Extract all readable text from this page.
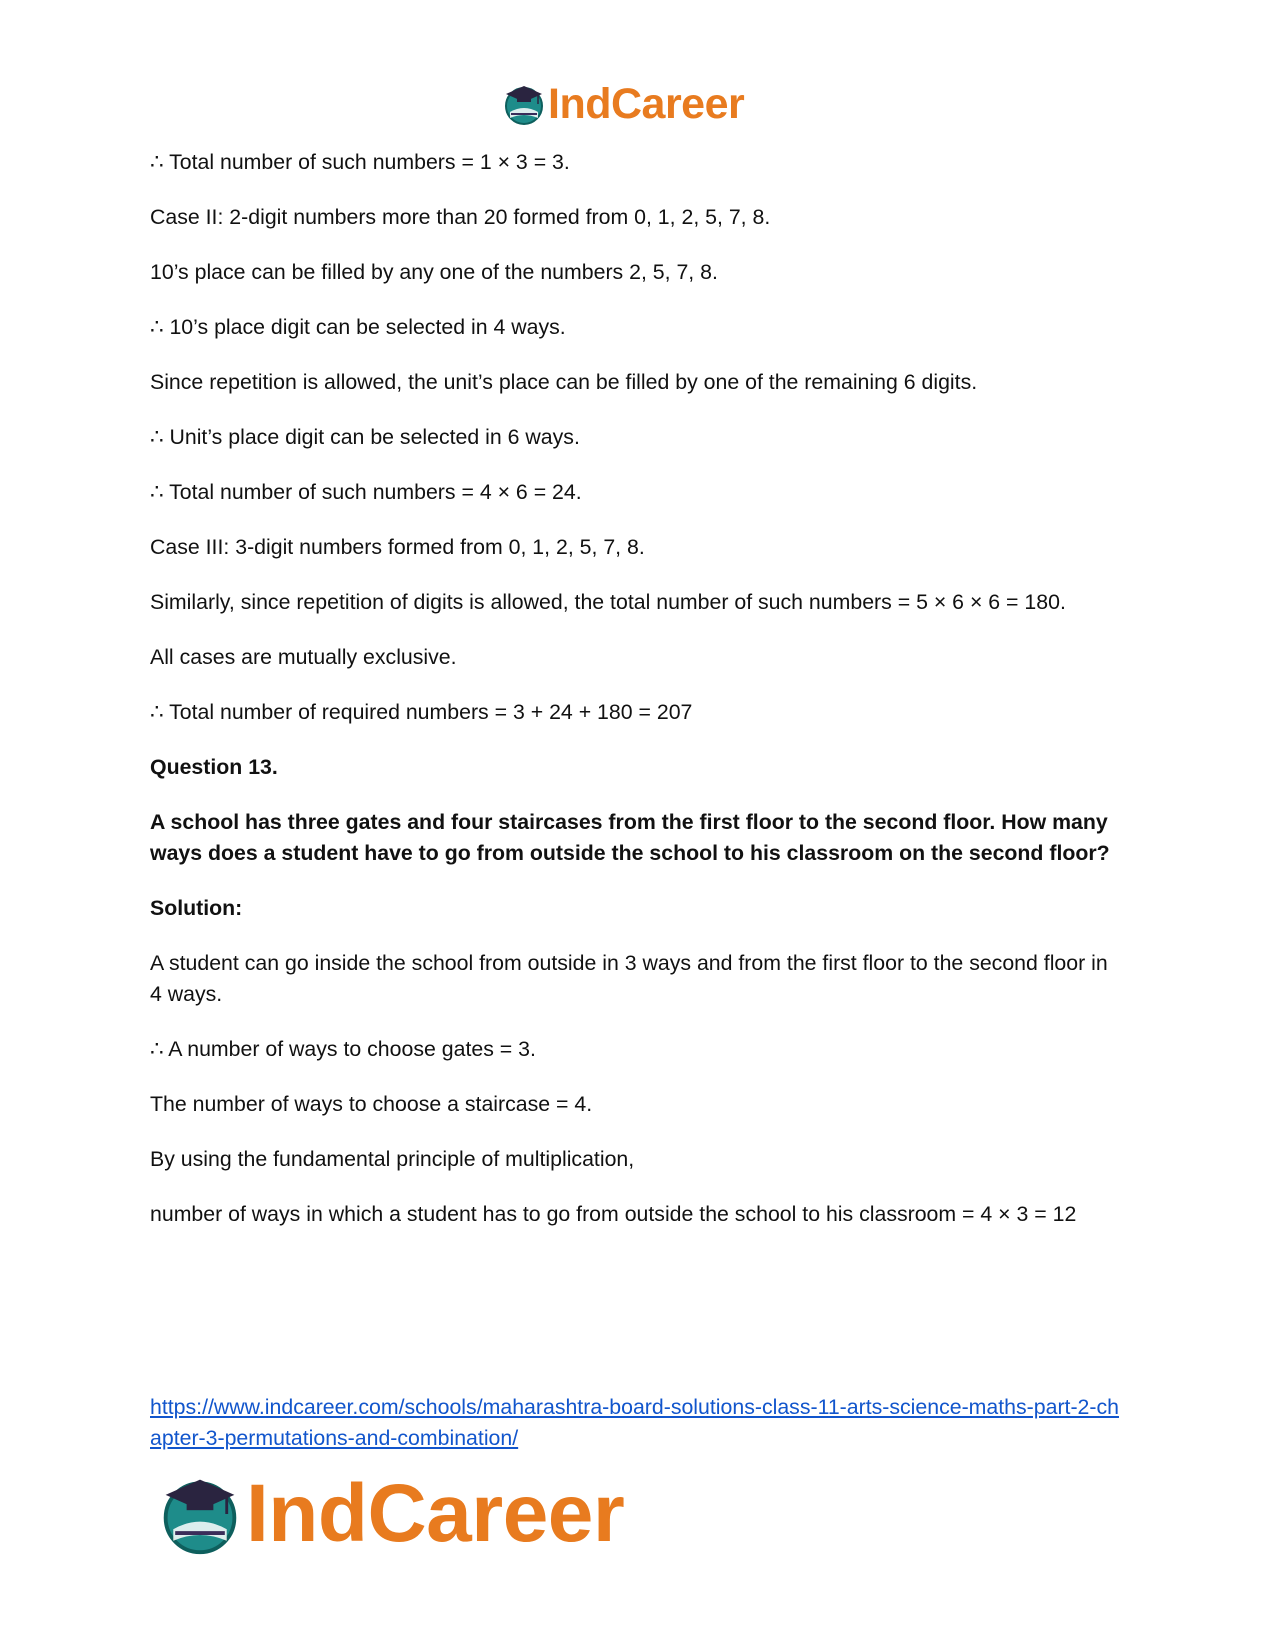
IndCareer

∴ Total number of such numbers = 1 × 3 = 3.

Case II: 2-digit numbers more than 20 formed from 0, 1, 2, 5, 7, 8.

10’s place can be filled by any one of the numbers 2, 5, 7, 8.

∴ 10’s place digit can be selected in 4 ways.

Since repetition is allowed, the unit’s place can be filled by one of the remaining 6 digits.

∴ Unit’s place digit can be selected in 6 ways.

∴ Total number of such numbers = 4 × 6 = 24.

Case III: 3-digit numbers formed from 0, 1, 2, 5, 7, 8.

Similarly, since repetition of digits is allowed, the total number of such numbers = 5 × 6 × 6 = 180.

All cases are mutually exclusive.

∴ Total number of required numbers = 3 + 24 + 180 = 207

Question 13.

A school has three gates and four staircases from the first floor to the second floor. How many ways does a student have to go from outside the school to his classroom on the second floor?

Solution:

A student can go inside the school from outside in 3 ways and from the first floor to the second floor in 4 ways.

∴ A number of ways to choose gates = 3.

The number of ways to choose a staircase = 4.

By using the fundamental principle of multiplication,

number of ways in which a student has to go from outside the school to his classroom = 4 × 3 = 12

https://www.indcareer.com/schools/maharashtra-board-solutions-class-11-arts-science-maths-part-2-chapter-3-permutations-and-combination/
IndCareer
